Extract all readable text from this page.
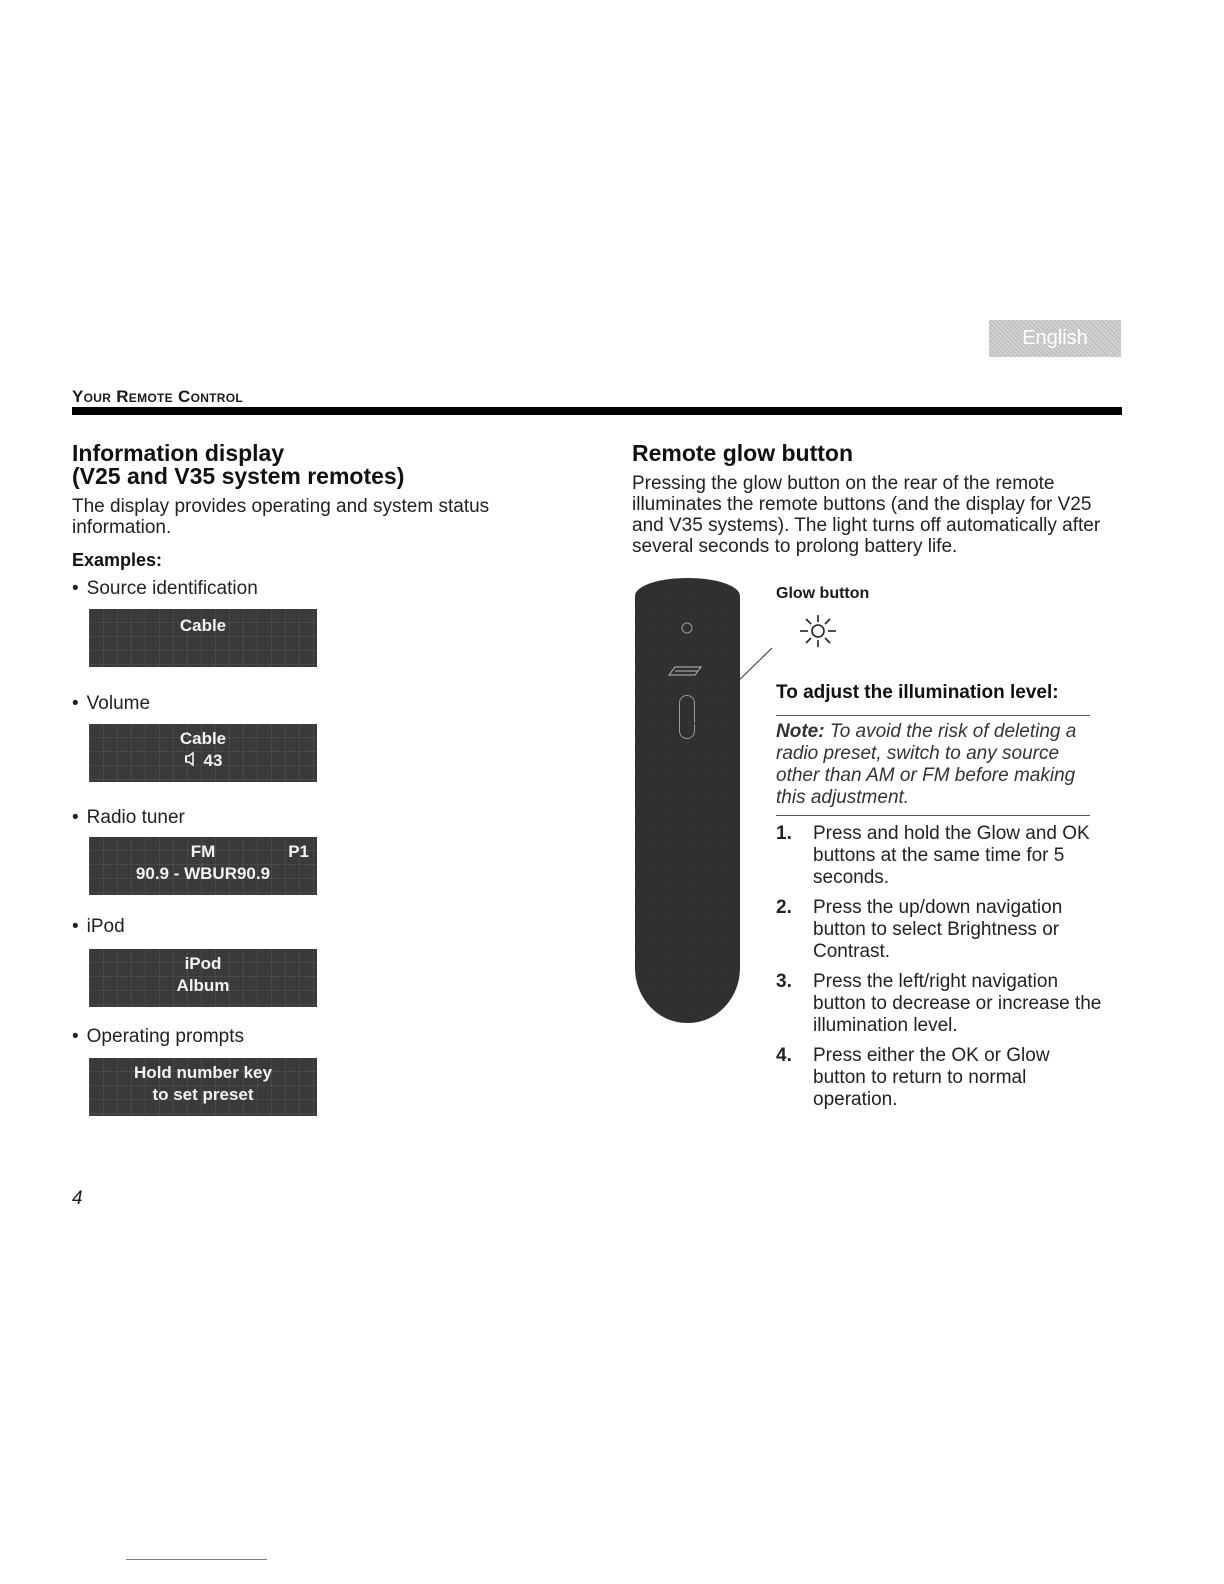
English
Your Remote Control
Information display
(V25 and V35 system remotes)
The display provides operating and system status information.
Examples:
• Source identification
Cable
• Volume
Cable
43
• Radio tuner
FM	P1
90.9 - WBUR90.9
• iPod
iPod
Album
• Operating prompts
Hold number key
to set preset
Remote glow button
Pressing the glow button on the rear of the remote illuminates the remote buttons (and the display for V25 and V35 systems). The light turns off automatically after several seconds to prolong battery life.
Glow button
To adjust the illumination level:
Note: To avoid the risk of deleting a radio preset, switch to any source other than AM or FM before making this adjustment.
1. Press and hold the Glow and OK buttons at the same time for 5 seconds.
2. Press the up/down navigation button to select Brightness or Contrast.
3. Press the left/right navigation button to decrease or increase the illumination level.
4. Press either the OK or Glow button to return to normal operation.
4
